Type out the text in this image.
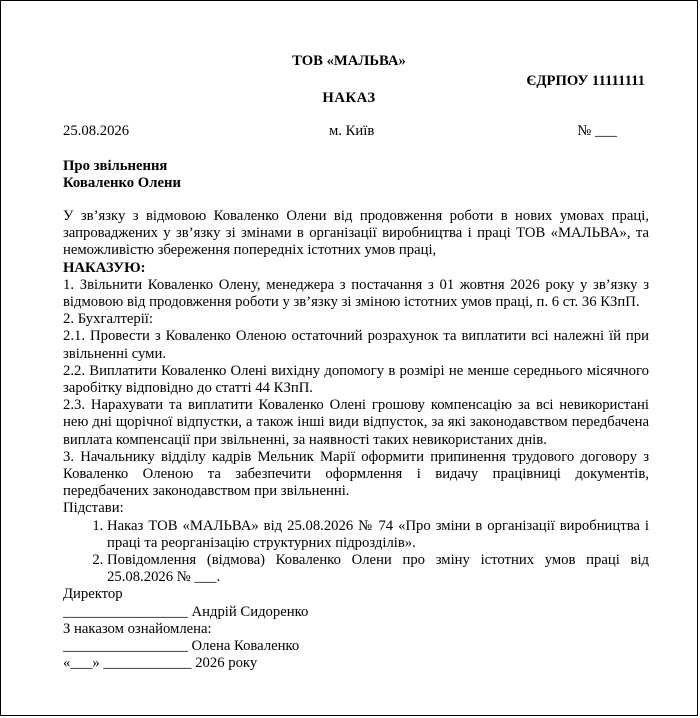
ТОВ «МАЛЬВА»
ЄДРПОУ 11111111
НАКАЗ
25.08.2026	м. Київ	№ ___
Про звільнення
Коваленко Олени

У зв’язку з відмовою Коваленко Олени від продовження роботи в нових умовах праці, запроваджених у зв’язку зі змінами в організації виробництва і праці ТОВ «МАЛЬВА», та неможливістю збереження попередніх істотних умов праці,

НАКАЗУЮ:

1. Звільнити Коваленко Олену, менеджера з постачання з 01 жовтня 2026 року у зв’язку з відмовою від продовження роботи у зв’язку зі зміною істотних умов праці, п. 6 ст. 36 КЗпП.

2. Бухгалтерії:

2.1. Провести з Коваленко Оленою остаточний розрахунок та виплатити всі належні їй при звільненні суми.

2.2. Виплатити Коваленко Олені вихідну допомогу в розмірі не менше середнього місячного заробітку відповідно до статті 44 КЗпП.

2.3. Нарахувати та виплатити Коваленко Олені грошову компенсацію за всі невикористані нею дні щорічної відпустки, а також інші види відпусток, за які законодавством передбачена виплата компенсації при звільненні, за наявності таких невикористаних днів.

3. Начальнику відділу кадрів Мельник Марії оформити припинення трудового договору з Коваленко Оленою та забезпечити оформлення і видачу працівниці документів, передбачених законодавством при звільненні.

Підстави:

1. Наказ ТОВ «МАЛЬВА» від 25.08.2026 № 74 «Про зміни в організації виробництва і праці та реорганізацію структурних підрозділів».
2. Повідомлення (відмова) Коваленко Олени про зміну істотних умов праці від 25.08.2026 № ___.

Директор

_________________ Андрій Сидоренко

З наказом ознайомлена:

_________________ Олена Коваленко

«___» ____________ 2026 року
